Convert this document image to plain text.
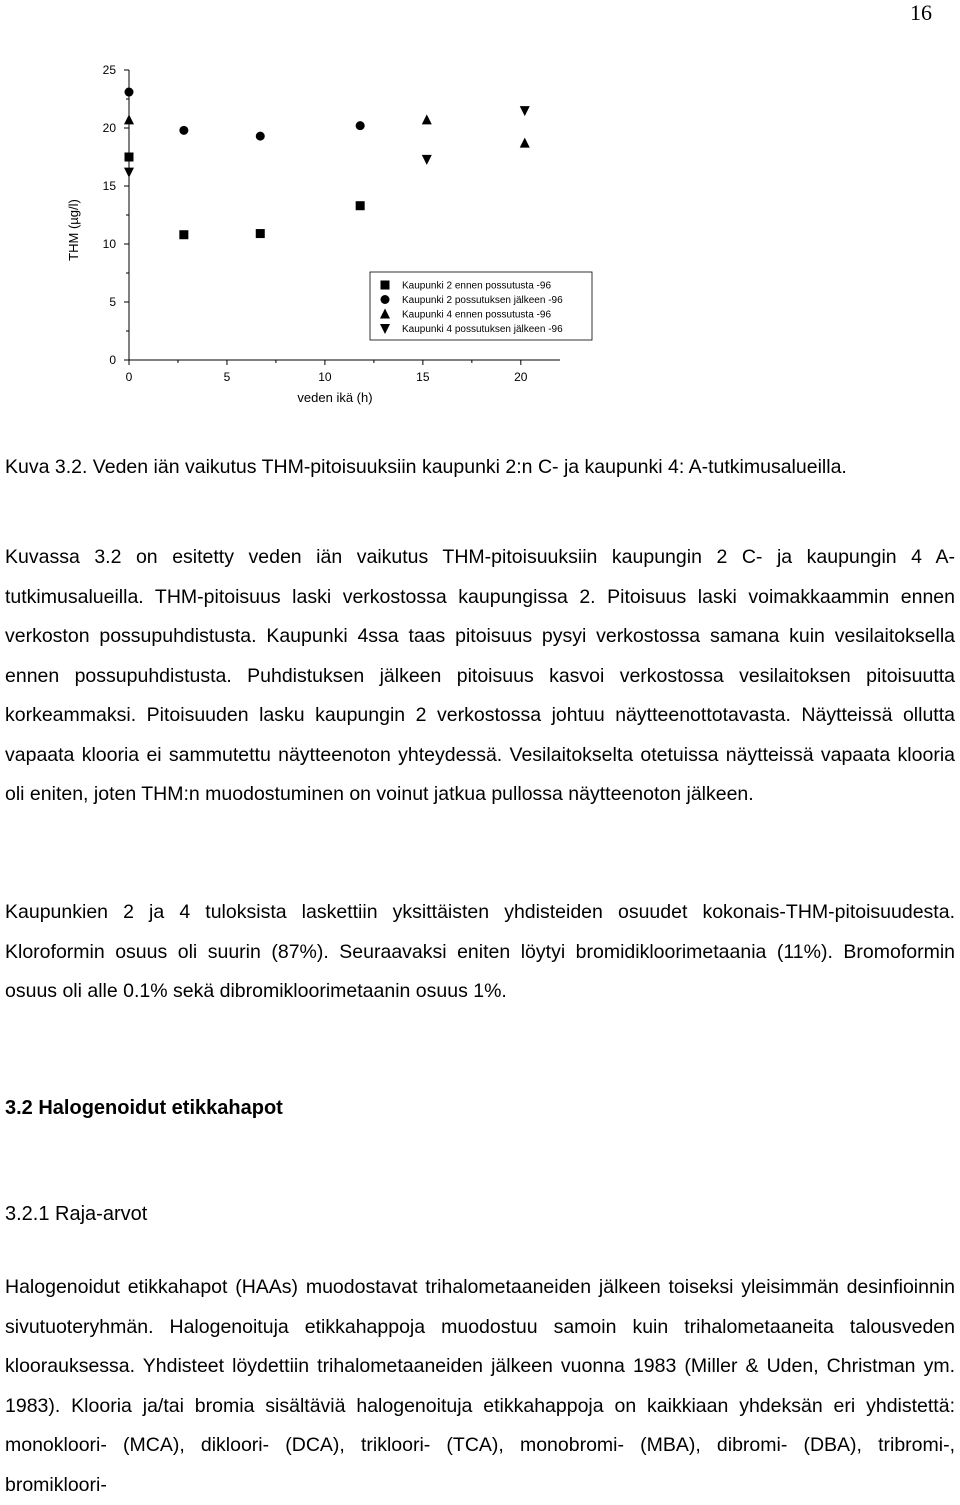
16
0
5
10
15
20
25
0	5	10	15	20
THM (µg/l)
veden ikä (h)
Kaupunki 2 ennen possutusta -96
Kaupunki 2 possutuksen jälkeen -96
Kaupunki 4 ennen possutusta -96
Kaupunki 4 possutuksen jälkeen -96
Kuva 3.2. Veden iän vaikutus THM-pitoisuuksiin kaupunki 2:n C- ja kaupunki 4: A-tutkimusalueilla.
Kuvassa 3.2 on esitetty veden iän vaikutus THM-pitoisuuksiin kaupungin 2 C- ja kaupungin 4 A-tutkimusalueilla. THM-pitoisuus laski verkostossa kaupungissa 2. Pitoisuus laski voimakkaammin ennen verkoston possupuhdistusta. Kaupunki 4ssa taas pitoisuus pysyi verkostossa samana kuin vesilaitoksella ennen possupuhdistusta. Puhdistuksen jälkeen pitoisuus kasvoi verkostossa vesilaitoksen pitoisuutta korkeammaksi. Pitoisuuden lasku kaupungin 2 verkostossa johtuu näytteenottotavasta. Näytteissä ollutta vapaata klooria ei sammutettu näytteenoton yhteydessä. Vesilaitokselta otetuissa näytteissä vapaata klooria oli eniten, joten THM:n muodostuminen on voinut jatkua pullossa näytteenoton jälkeen.
Kaupunkien 2 ja 4 tuloksista laskettiin yksittäisten yhdisteiden osuudet kokonais-THM-pitoisuudesta. Kloroformin osuus oli suurin (87%). Seuraavaksi eniten löytyi bromidikloorimetaania (11%). Bromoformin osuus oli alle 0.1% sekä dibromikloorimetaanin osuus 1%.
3.2 Halogenoidut etikkahapot
3.2.1 Raja-arvot
Halogenoidut etikkahapot (HAAs) muodostavat trihalometaaneiden jälkeen toiseksi yleisimmän desinfioinnin sivutuoteryhmän. Halogenoituja etikkahappoja muodostuu samoin kuin trihalometaaneita talousveden kloorauksessa. Yhdisteet löydettiin trihalometaaneiden jälkeen vuonna 1983 (Miller & Uden, Christman ym. 1983). Klooria ja/tai bromia sisältäviä halogenoituja etikkahappoja on kaikkiaan yhdeksän eri yhdistettä: monokloori- (MCA), dikloori- (DCA), trikloori- (TCA), monobromi- (MBA), dibromi- (DBA), tribromi-, bromikloori-
